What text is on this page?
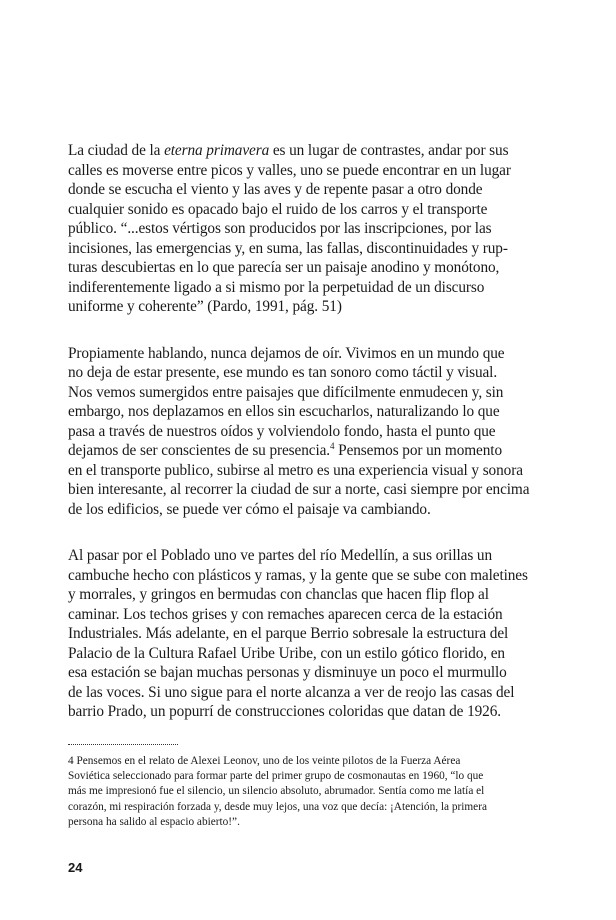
La ciudad de la eterna primavera es un lugar de contrastes, andar por sus
calles es moverse entre picos y valles, uno se puede encontrar en un lugar
donde se escucha el viento y las aves y de repente pasar a otro donde
cualquier sonido es opacado bajo el ruido de los carros y el transporte
público. “...estos vértigos son producidos por las inscripciones, por las
incisiones, las emergencias y, en suma, las fallas, discontinuidades y rup-
turas descubiertas en lo que parecía ser un paisaje anodino y monótono,
indiferentemente ligado a si mismo por la perpetuidad de un discurso
uniforme y coherente” (Pardo, 1991, pág. 51)
Propiamente hablando, nunca dejamos de oír. Vivimos en un mundo que
no deja de estar presente, ese mundo es tan sonoro como táctil y visual.
Nos vemos sumergidos entre paisajes que difícilmente enmudecen y, sin
embargo, nos deplazamos en ellos sin escucharlos, naturalizando lo que
pasa a través de nuestros oídos y volviendolo fondo, hasta el punto que
dejamos de ser conscientes de su presencia.$^4$ Pensemos por un momento
en el transporte publico, subirse al metro es una experiencia visual y sonora
bien interesante, al recorrer la ciudad de sur a norte, casi siempre por encima
de los edificios, se puede ver cómo el paisaje va cambiando.
Al pasar por el Poblado uno ve partes del río Medellín, a sus orillas un
cambuche hecho con plásticos y ramas, y la gente que se sube con maletines
y morrales, y gringos en bermudas con chanclas que hacen flip flop al
caminar. Los techos grises y con remaches aparecen cerca de la estación
Industriales. Más adelante, en el parque Berrio sobresale la estructura del
Palacio de la Cultura Rafael Uribe Uribe, con un estilo gótico florido, en
esa estación se bajan muchas personas y disminuye un poco el murmullo
de las voces. Si uno sigue para el norte alcanza a ver de reojo las casas del
barrio Prado, un popurrí de construcciones coloridas que datan de 1926.
4 Pensemos en el relato de Alexei Leonov, uno de los veinte pilotos de la Fuerza Aérea
Soviética seleccionado para formar parte del primer grupo de cosmonautas en 1960, “lo que
más me impresionó fue el silencio, un silencio absoluto, abrumador. Sentía como me latía el
corazón, mi respiración forzada y, desde muy lejos, una voz que decía: ¡Atención, la primera
persona ha salido al espacio abierto!”.
24
